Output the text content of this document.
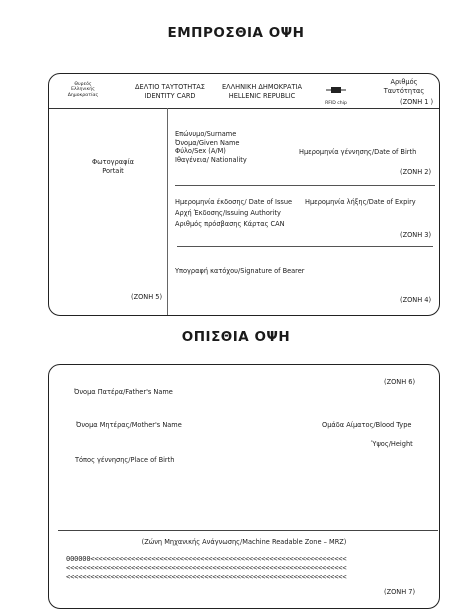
ΕΜΠΡΟΣΘΙΑ ΟΨΗ
Θυρεός
Ελληνικής
Δημοκρατίας
ΔΕΛΤΙΟ ΤΑΥΤΟΤΗΤΑΣ
IDENTITY CARD
ΕΛΛΗΝΙΚΗ ΔΗΜΟΚΡΑΤΙΑ
HELLENIC REPUBLIC
RFID chip
Αριθμός
Ταυτότητας
(ΖΟΝΗ 1 )
Φωτογραφία
Portait
(ΖΟΝΗ 5)
Επώνυμο/Surname
Όνομα/Given Name
Φύλο/Sex (A/M)
Ιθαγένεια/ Nationality
Ημερομηνία γέννησης/Date of Birth
(ΖΟΝΗ 2)
Ημερομηνία έκδοσης/ Date of Issue Ημερομηνία λήξης/Date of Expiry
Αρχή Έκδοσης/Issuing Authority
Αριθμός πρόσβασης Κάρτας CAN
(ΖΟΝΗ 3)
Υπογραφή κατόχου/Signature of Bearer
(ΖΟΝΗ 4)
ΟΠΙΣΘΙΑ ΟΨΗ
(ΖΟΝΗ 6)
Όνομα Πατέρα/Father's Name
Όνομα Μητέρας/Mother's Name	Ομάδα Αίματος/Blood Type
Ύψος/Height
Τόπος γέννησης/Place of Birth
(Ζώνη Μηχανικής Ανάγνωσης/Machine Readable Zone – MRZ)
000000<<<<<<<<<<<<<<<<<<<<<<<<<<<<<<<<<<<<<<<<<<<<<<<<<<<<<<<<<<<<<<<
<<<<<<<<<<<<<<<<<<<<<<<<<<<<<<<<<<<<<<<<<<<<<<<<<<<<<<<<<<<<<<<<<<<<<
<<<<<<<<<<<<<<<<<<<<<<<<<<<<<<<<<<<<<<<<<<<<<<<<<<<<<<<<<<<<<<<<<<<<<
(ΖΟΝΗ 7)
